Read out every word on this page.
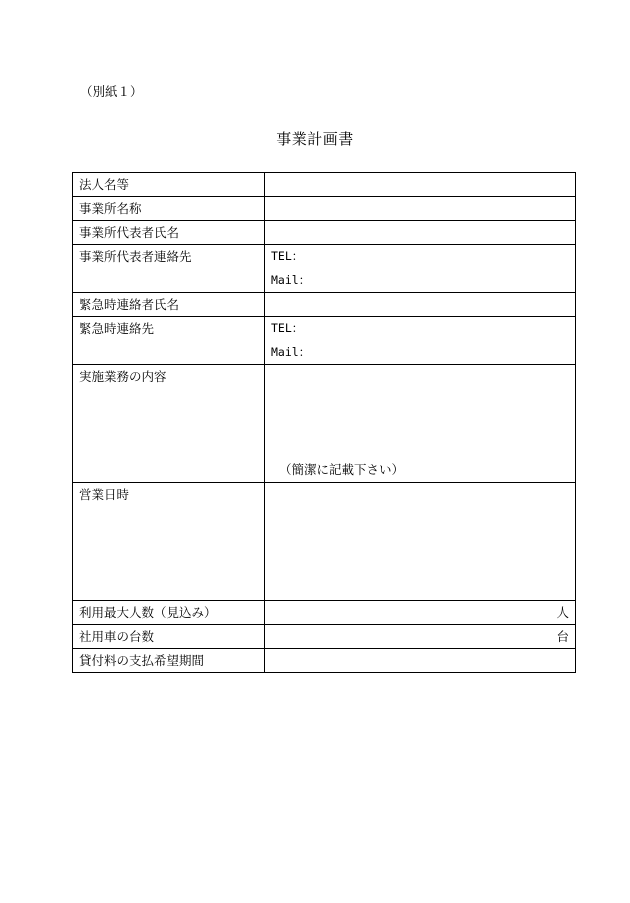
（別紙１）
事業計画書
法人名等	
事業所名称	
事業所代表者氏名	
事業所代表者連絡先	TEL：
Mail：

緊急時連絡者氏名	
緊急時連絡先	TEL：
Mail：

実施業務の内容	（簡潔に記載下さい）

営業日時	
利用最大人数（見込み）	人
社用車の台数	台
貸付料の支払希望期間	
